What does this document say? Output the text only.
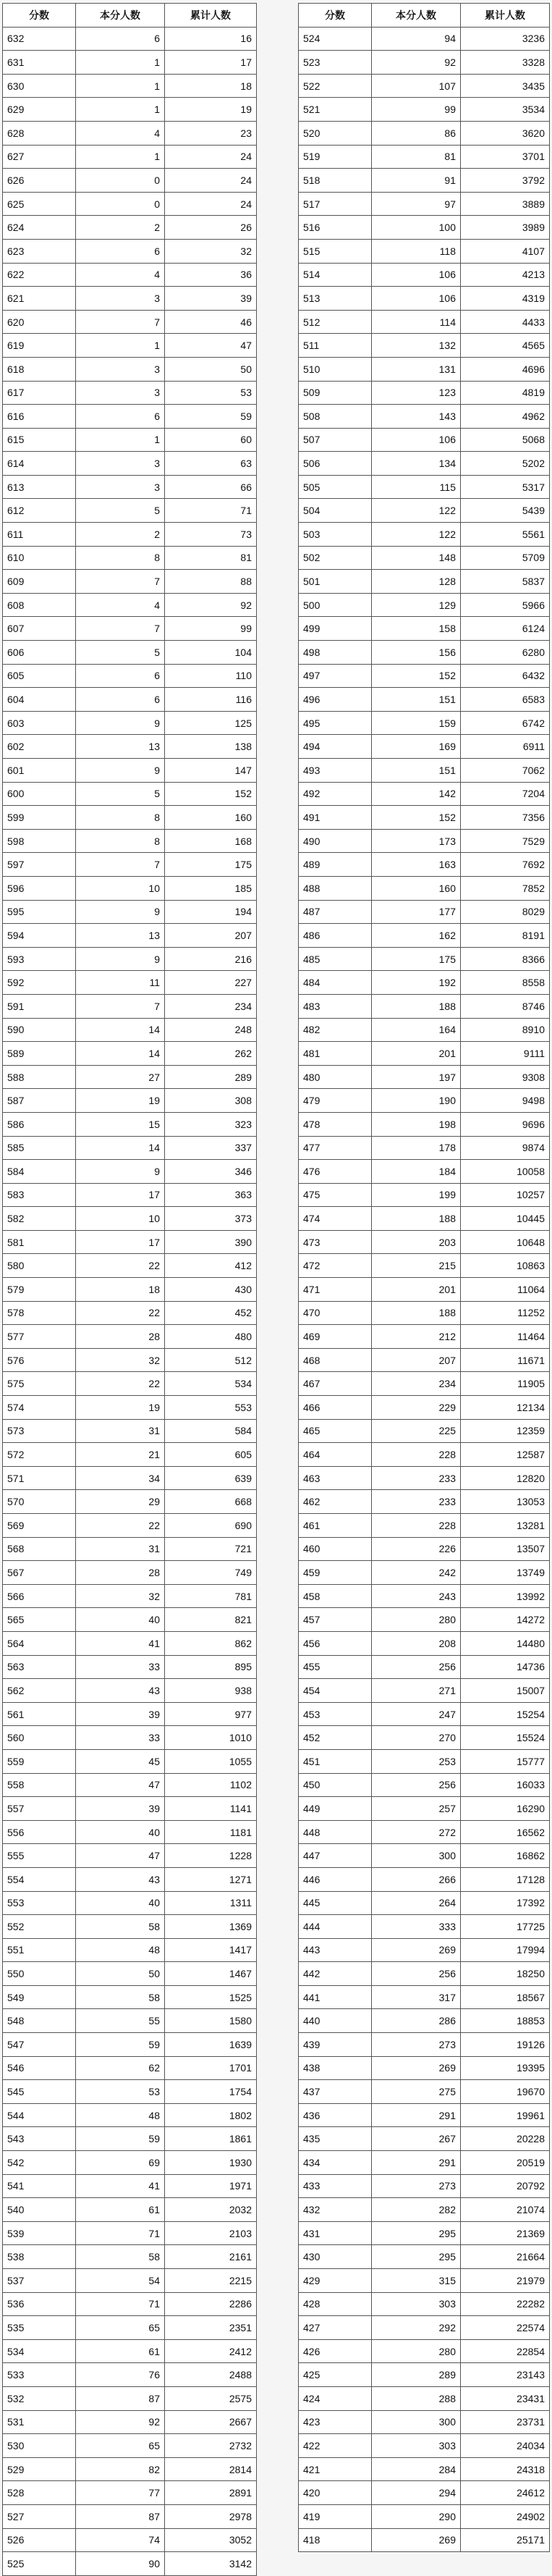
分数	本分人数	累计人数
632	6	16
631	1	17
630	1	18
629	1	19
628	4	23
627	1	24
626	0	24
625	0	24
624	2	26
623	6	32
622	4	36
621	3	39
620	7	46
619	1	47
618	3	50
617	3	53
616	6	59
615	1	60
614	3	63
613	3	66
612	5	71
611	2	73
610	8	81
609	7	88
608	4	92
607	7	99
606	5	104
605	6	110
604	6	116
603	9	125
602	13	138
601	9	147
600	5	152
599	8	160
598	8	168
597	7	175
596	10	185
595	9	194
594	13	207
593	9	216
592	11	227
591	7	234
590	14	248
589	14	262
588	27	289
587	19	308
586	15	323
585	14	337
584	9	346
583	17	363
582	10	373
581	17	390
580	22	412
579	18	430
578	22	452
577	28	480
576	32	512
575	22	534
574	19	553
573	31	584
572	21	605
571	34	639
570	29	668
569	22	690
568	31	721
567	28	749
566	32	781
565	40	821
564	41	862
563	33	895
562	43	938
561	39	977
560	33	1010
559	45	1055
558	47	1102
557	39	1141
556	40	1181
555	47	1228
554	43	1271
553	40	1311
552	58	1369
551	48	1417
550	50	1467
549	58	1525
548	55	1580
547	59	1639
546	62	1701
545	53	1754
544	48	1802
543	59	1861
542	69	1930
541	41	1971
540	61	2032
539	71	2103
538	58	2161
537	54	2215
536	71	2286
535	65	2351
534	61	2412
533	76	2488
532	87	2575
531	92	2667
530	65	2732
529	82	2814
528	77	2891
527	87	2978
526	74	3052
525	90	3142
分数	本分人数	累计人数
524	94	3236
523	92	3328
522	107	3435
521	99	3534
520	86	3620
519	81	3701
518	91	3792
517	97	3889
516	100	3989
515	118	4107
514	106	4213
513	106	4319
512	114	4433
511	132	4565
510	131	4696
509	123	4819
508	143	4962
507	106	5068
506	134	5202
505	115	5317
504	122	5439
503	122	5561
502	148	5709
501	128	5837
500	129	5966
499	158	6124
498	156	6280
497	152	6432
496	151	6583
495	159	6742
494	169	6911
493	151	7062
492	142	7204
491	152	7356
490	173	7529
489	163	7692
488	160	7852
487	177	8029
486	162	8191
485	175	8366
484	192	8558
483	188	8746
482	164	8910
481	201	9111
480	197	9308
479	190	9498
478	198	9696
477	178	9874
476	184	10058
475	199	10257
474	188	10445
473	203	10648
472	215	10863
471	201	11064
470	188	11252
469	212	11464
468	207	11671
467	234	11905
466	229	12134
465	225	12359
464	228	12587
463	233	12820
462	233	13053
461	228	13281
460	226	13507
459	242	13749
458	243	13992
457	280	14272
456	208	14480
455	256	14736
454	271	15007
453	247	15254
452	270	15524
451	253	15777
450	256	16033
449	257	16290
448	272	16562
447	300	16862
446	266	17128
445	264	17392
444	333	17725
443	269	17994
442	256	18250
441	317	18567
440	286	18853
439	273	19126
438	269	19395
437	275	19670
436	291	19961
435	267	20228
434	291	20519
433	273	20792
432	282	21074
431	295	21369
430	295	21664
429	315	21979
428	303	22282
427	292	22574
426	280	22854
425	289	23143
424	288	23431
423	300	23731
422	303	24034
421	284	24318
420	294	24612
419	290	24902
418	269	25171
